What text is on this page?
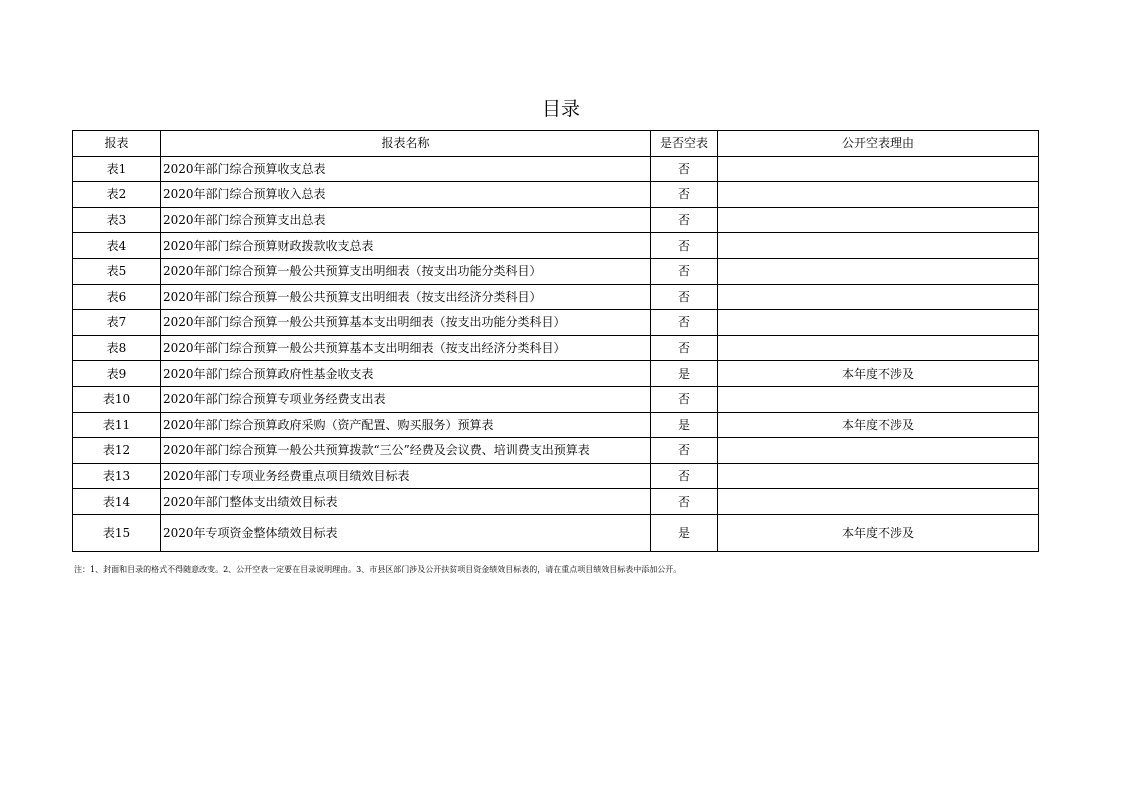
目录
报表	报表名称	是否空表	公开空表理由
表1	2020年部门综合预算收支总表	否	
表2	2020年部门综合预算收入总表	否	
表3	2020年部门综合预算支出总表	否	
表4	2020年部门综合预算财政拨款收支总表	否	
表5	2020年部门综合预算一般公共预算支出明细表（按支出功能分类科目）	否	
表6	2020年部门综合预算一般公共预算支出明细表（按支出经济分类科目）	否	
表7	2020年部门综合预算一般公共预算基本支出明细表（按支出功能分类科目）	否	
表8	2020年部门综合预算一般公共预算基本支出明细表（按支出经济分类科目）	否	
表9	2020年部门综合预算政府性基金收支表	是	本年度不涉及
表10	2020年部门综合预算专项业务经费支出表	否	
表11	2020年部门综合预算政府采购（资产配置、购买服务）预算表	是	本年度不涉及
表12	2020年部门综合预算一般公共预算拨款“三公”经费及会议费、培训费支出预算表	否	
表13	2020年部门专项业务经费重点项目绩效目标表	否	
表14	2020年部门整体支出绩效目标表	否	
表15	2020年专项资金整体绩效目标表	是	本年度不涉及
注：1、封面和目录的格式不得随意改变。2、公开空表一定要在目录说明理由。3、市县区部门涉及公开扶贫项目资金绩效目标表的，请在重点项目绩效目标表中添加公开。
